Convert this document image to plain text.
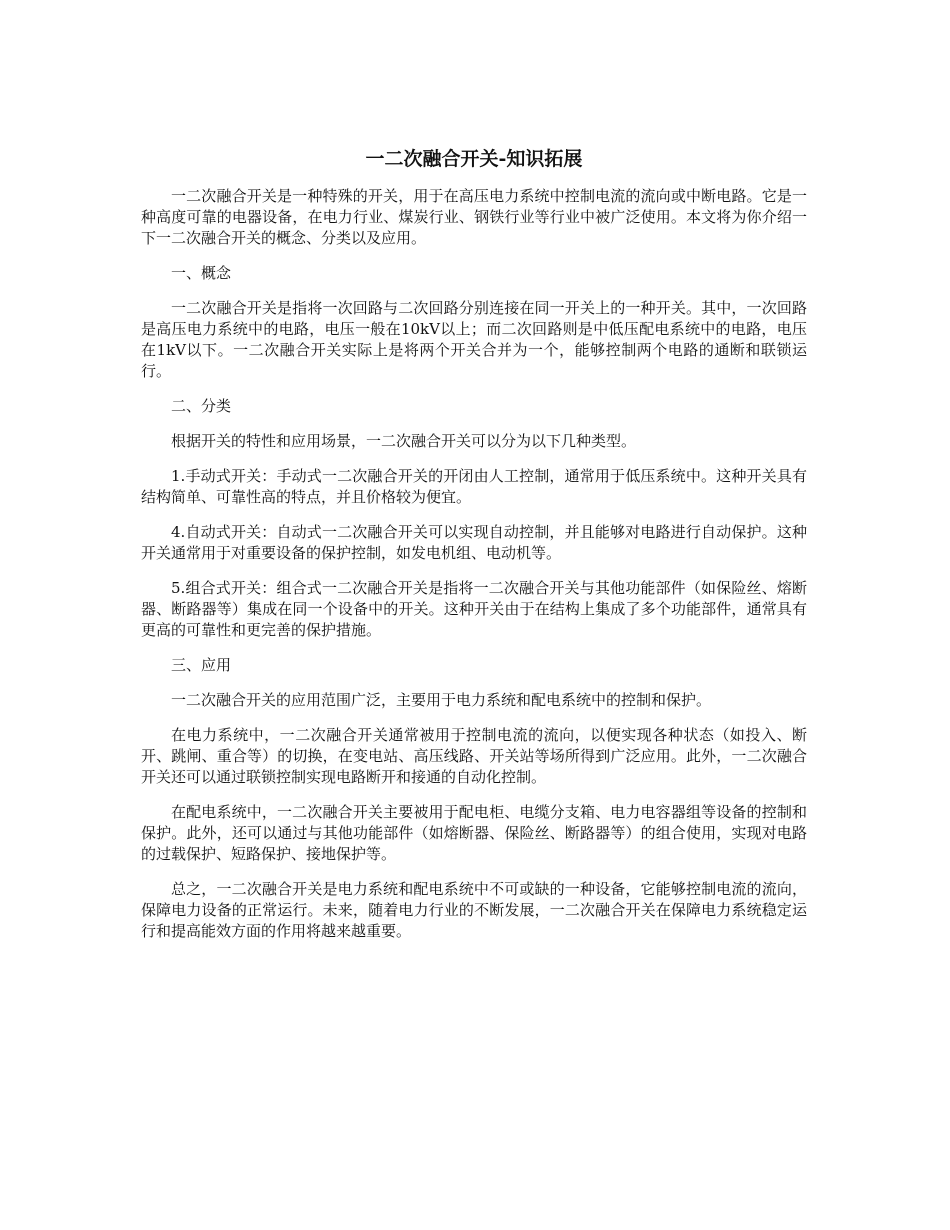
一二次融合开关-知识拓展

一二次融合开关是一种特殊的开关，用于在高压电力系统中控制电流的流向或中断电路。它是一种高度可靠的电器设备，在电力行业、煤炭行业、钢铁行业等行业中被广泛使用。本文将为你介绍一下一二次融合开关的概念、分类以及应用。

一、概念

一二次融合开关是指将一次回路与二次回路分别连接在同一开关上的一种开关。其中，一次回路是高压电力系统中的电路，电压一般在10kV以上；而二次回路则是中低压配电系统中的电路，电压在1kV以下。一二次融合开关实际上是将两个开关合并为一个，能够控制两个电路的通断和联锁运行。

二、分类

根据开关的特性和应用场景，一二次融合开关可以分为以下几种类型。

1.手动式开关：手动式一二次融合开关的开闭由人工控制，通常用于低压系统中。这种开关具有结构简单、可靠性高的特点，并且价格较为便宜。

4.自动式开关：自动式一二次融合开关可以实现自动控制，并且能够对电路进行自动保护。这种开关通常用于对重要设备的保护控制，如发电机组、电动机等。

5.组合式开关：组合式一二次融合开关是指将一二次融合开关与其他功能部件（如保险丝、熔断器、断路器等）集成在同一个设备中的开关。这种开关由于在结构上集成了多个功能部件，通常具有更高的可靠性和更完善的保护措施。

三、应用

一二次融合开关的应用范围广泛，主要用于电力系统和配电系统中的控制和保护。

在电力系统中，一二次融合开关通常被用于控制电流的流向，以便实现各种状态（如投入、断开、跳闸、重合等）的切换，在变电站、高压线路、开关站等场所得到广泛应用。此外，一二次融合开关还可以通过联锁控制实现电路断开和接通的自动化控制。

在配电系统中，一二次融合开关主要被用于配电柜、电缆分支箱、电力电容器组等设备的控制和保护。此外，还可以通过与其他功能部件（如熔断器、保险丝、断路器等）的组合使用，实现对电路的过载保护、短路保护、接地保护等。

总之，一二次融合开关是电力系统和配电系统中不可或缺的一种设备，它能够控制电流的流向，保障电力设备的正常运行。未来，随着电力行业的不断发展，一二次融合开关在保障电力系统稳定运行和提高能效方面的作用将越来越重要。
